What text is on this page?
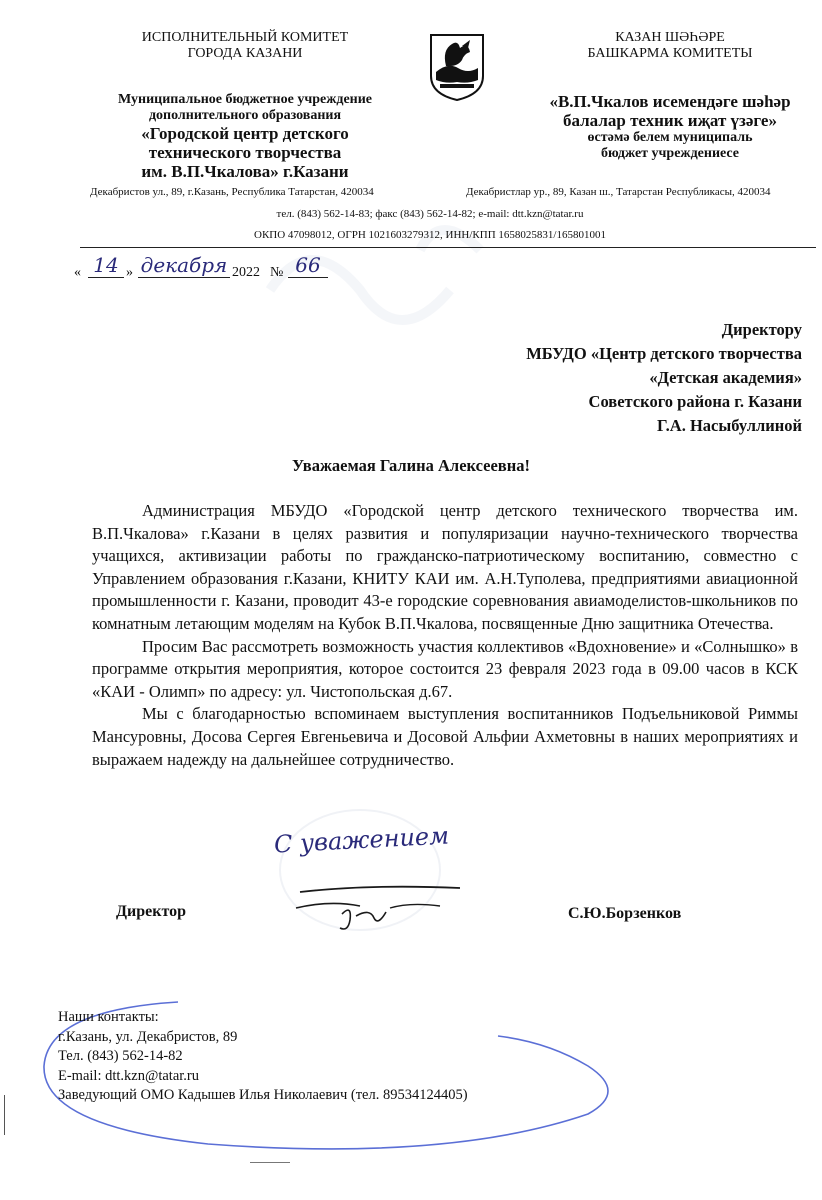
ИСПОЛНИТЕЛЬНЫЙ КОМИТЕТ
ГОРОДА КАЗАНИ
Муниципальное бюджетное учреждение
дополнительного образования
«Городской центр детского
технического творчества
им. В.П.Чкалова» г.Казани
КАЗАН ШӘҺӘРЕ
БАШКАРМА КОМИТЕТЫ
«В.П.Чкалов исемендәге шәһәр
балалар техник иҗат үзәге»
өстәмә белем муниципаль
бюджет учреждениесе
Декабристов ул., 89, г.Казань, Республика Татарстан, 420034	Декабристлар ур., 89, Казан ш., Татарстан Республикасы, 420034
тел. (843) 562-14-83; факс (843) 562-14-82; e-mail: dtt.kzn@tatar.ru
ОКПО 47098012, ОГРН 1021603279312, ИНН/КПП 1658025831/165801001
« 14 » декабря 2022 № 66
Директору
МБУДО «Центр детского творчества
«Детская академия»
Советского района г. Казани
Г.А. Насыбуллиной
Уважаемая Галина Алексеевна!

Администрация МБУДО «Городской центр детского технического творчества им. В.П.Чкалова» г.Казани в целях развития и популяризации научно-технического творчества учащихся, активизации работы по гражданско-патриотическому воспитанию, совместно с Управлением образования г.Казани, КНИТУ КАИ им. А.Н.Туполева, предприятиями авиационной промышленности г. Казани, проводит 43-е городские соревнования авиамоделистов-школьников по комнатным летающим моделям на Кубок В.П.Чкалова, посвященные Дню защитника Отечества.

Просим Вас рассмотреть возможность участия коллективов «Вдохновение» и «Солнышко» в программе открытия мероприятия, которое состоится 23 февраля 2023 года в 09.00 часов в КСК «КАИ - Олимп» по адресу: ул. Чистопольская д.67.

Мы с благодарностью вспоминаем выступления воспитанников Подъельниковой Риммы Мансуровны, Досова Сергея Евгеньевича и Досовой Альфии Ахметовны в наших мероприятиях и выражаем надежду на дальнейшее сотрудничество.

С уважением
Директор	С.Ю.Борзенков
Наши контакты:
г.Казань, ул. Декабристов, 89
Тел. (843) 562-14-82
E-mail: dtt.kzn@tatar.ru
Заведующий ОМО Кадышев Илья Николаевич (тел. 89534124405)
